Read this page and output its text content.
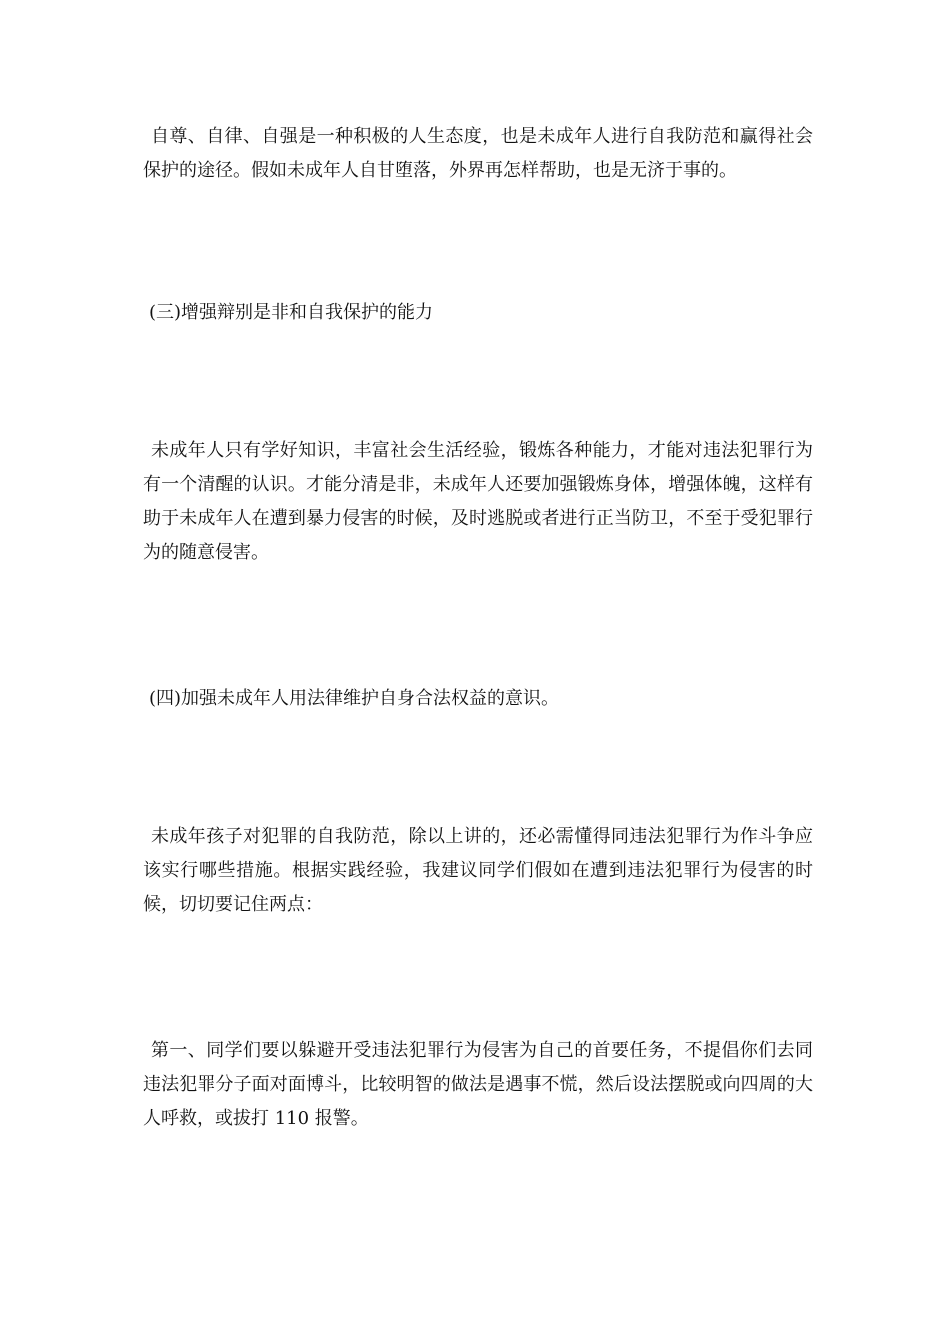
自尊、自律、自强是一种积极的人生态度，也是未成年人进行自我防范和赢得社会保护的途径。假如未成年人自甘堕落，外界再怎样帮助，也是无济于事的。

(三)增强辩别是非和自我保护的能力

未成年人只有学好知识，丰富社会生活经验，锻炼各种能力，才能对违法犯罪行为有一个清醒的认识。才能分清是非，未成年人还要加强锻炼身体，增强体魄，这样有助于未成年人在遭到暴力侵害的时候，及时逃脱或者进行正当防卫，不至于受犯罪行为的随意侵害。

(四)加强未成年人用法律维护自身合法权益的意识。

未成年孩子对犯罪的自我防范，除以上讲的，还必需懂得同违法犯罪行为作斗争应该实行哪些措施。根据实践经验，我建议同学们假如在遭到违法犯罪行为侵害的时候，切切要记住两点：

第一、同学们要以躲避开受违法犯罪行为侵害为自己的首要任务，不提倡你们去同违法犯罪分子面对面博斗，比较明智的做法是遇事不慌，然后设法摆脱或向四周的大人呼救，或拔打 110 报警。
